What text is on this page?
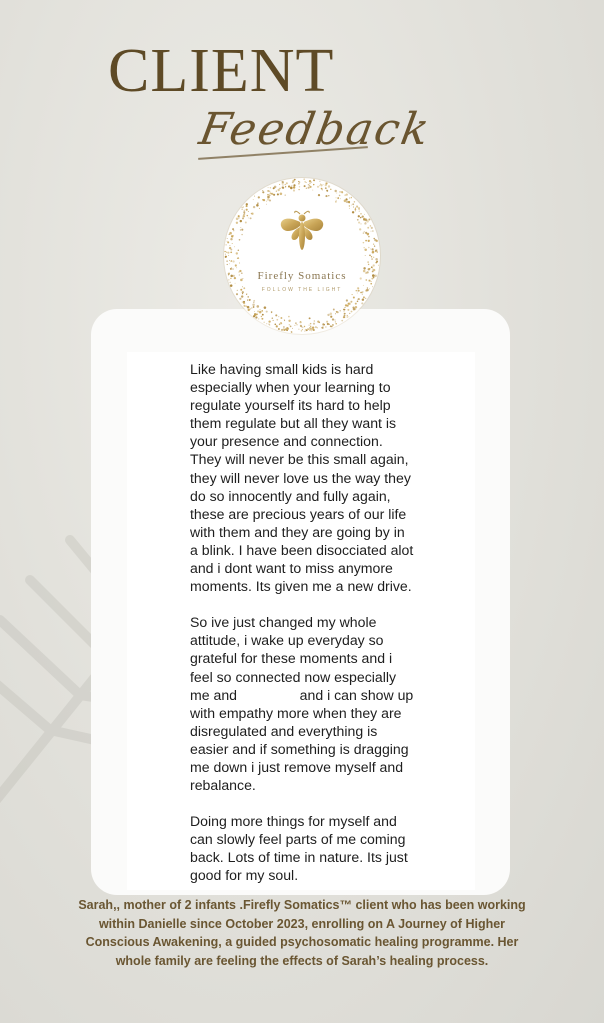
CLIENT
Feedback
Firefly Somatics
FOLLOW THE LIGHT

Like having small kids is hard

especially when your learning to

regulate yourself its hard to help

them regulate but all they want is

your presence and connection.

They will never be this small again,

they will never love us the way they

do so innocently and fully again,

these are precious years of our life

with them and they are going by in

a blink. I have been disocciated alot

and i dont want to miss anymore

moments. Its given me a new drive.

So ive just changed my whole

attitude, i wake up everyday so

grateful for these moments and i

feel so connected now especially

me and                and i can show up

with empathy more when they are

disregulated and everything is

easier and if something is dragging

me down i just remove myself and

rebalance.

Doing more things for myself and

can slowly feel parts of me coming

back. Lots of time in nature. Its just

good for my soul.

Sarah,, mother of 2 infants .Firefly Somatics™ client who has been working
within Danielle since October 2023, enrolling on A Journey of Higher
Conscious Awakening, a guided psychosomatic healing programme. Her
whole family are feeling the effects of Sarah’s healing process.
